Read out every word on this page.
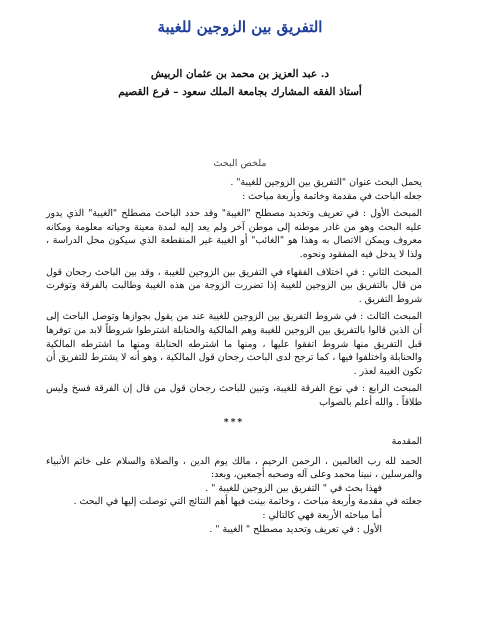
التفريق بين الزوجين للغيبة
د. عبد العزيز بن محمد بن عثمان الربيش
أستاذ الفقه المشارك بجامعة الملك سعود – فرع القصيم
ملخص البحث

يحمل البحث عنوان "التفريق بين الزوجين للغيبة" .

جعله الباحث في مقدمة وخاتمة وأربعة مباحث :

المبحث الأول : في تعريف وتحديد مصطلح "الغيبة" وقد حدد الباحث مصطلح "الغيبة" الذي يدور عليه البحث وهو من غادر موطنه إلى موطن آخر ولم يعد إليه لمدة معينة وحياته معلومة ومكانه معروف ويمكن الاتصال به وهذا هو "الغائب" أو الغيبة غير المنقطعة الذي سيكون محل الدراسة ، ولذا لا يدخل فيه المفقود ونحوه.

المبحث الثاني : في اختلاف الفقهاء في التفريق بين الزوجين للغيبة ، وقد بين الباحث رجحان قول من قال بالتفريق بين الزوجين للغيبة إذا تضررت الزوجة من هذه الغيبة وطالبت بالفرقة وتوفرت شروط التفريق .

المبحث الثالث : في شروط التفريق بين الزوجين للغيبة عند من يقول بجوازها وتوصل الباحث إلى أن الذين قالوا بالتفريق بين الزوجين للغيبة وهم المالكية والحنابلة اشترطوا شروطاً لابد من توفرها قبل التفريق منها شروط اتفقوا عليها ، ومنها ما اشترطه الحنابلة ومنها ما اشترطه المالكية والحنابلة واختلفوا فيها ، كما ترجح لدى الباحث رجحان قول المالكية ، وهو أنه لا يشترط للتفريق أن تكون الغيبة لعذر .

المبحث الرابع : في نوع الفرقة للغيبة، وتبين للباحث رجحان قول من قال إن الفرقة فسخ وليس طلاقاً . والله أعلم بالصواب

***
المقدمة

الحمد لله رب العالمين ، الرحمن الرحيم ، مالك يوم الدين ، والصلاة والسلام على خاتم الأنبياء والمرسلين ، نبينا محمد وعلى آله وصحبه أجمعين، وبعد:

فهذا بحث في " التفريق بين الزوجين للغيبة " .

جعلته في مقدمة وأربعة مباحث ، وخاتمة بينت فيها أهم النتائج التي توصلت إليها في البحث .

أما مباحثه الأربعة فهي كالتالي :

الأول : في تعريف وتحديد مصطلح " الغيبة " .
